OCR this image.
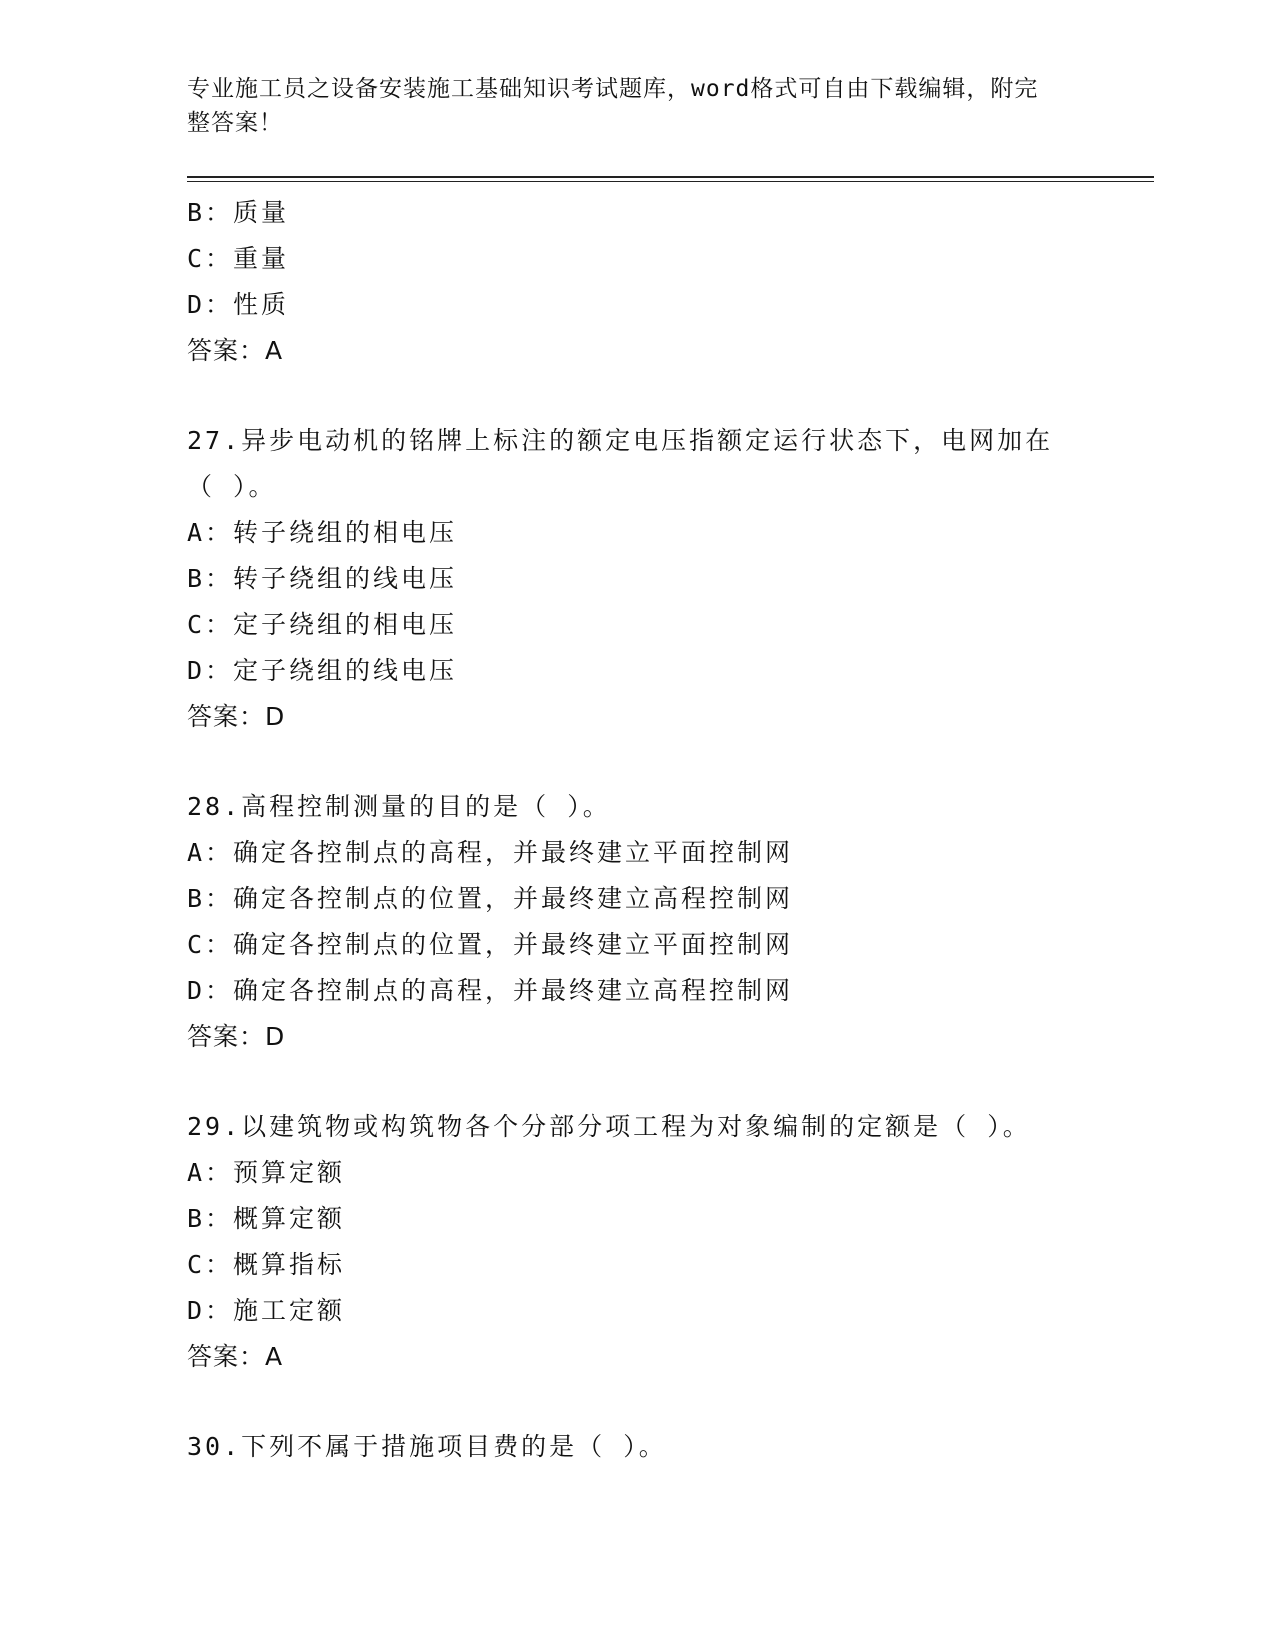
专业施工员之设备安装施工基础知识考试题库，word格式可自由下载编辑，附完
整答案！
B：质量
C：重量
D：性质
答案：A
27.异步电动机的铭牌上标注的额定电压指额定运行状态下，电网加在
（ ）。
A：转子绕组的相电压
B：转子绕组的线电压
C：定子绕组的相电压
D：定子绕组的线电压
答案：D
28.高程控制测量的目的是（ ）。
A：确定各控制点的高程，并最终建立平面控制网
B：确定各控制点的位置，并最终建立高程控制网
C：确定各控制点的位置，并最终建立平面控制网
D：确定各控制点的高程，并最终建立高程控制网
答案：D
29.以建筑物或构筑物各个分部分项工程为对象编制的定额是（ ）。
A：预算定额
B：概算定额
C：概算指标
D：施工定额
答案：A
30.下列不属于措施项目费的是（ ）。
